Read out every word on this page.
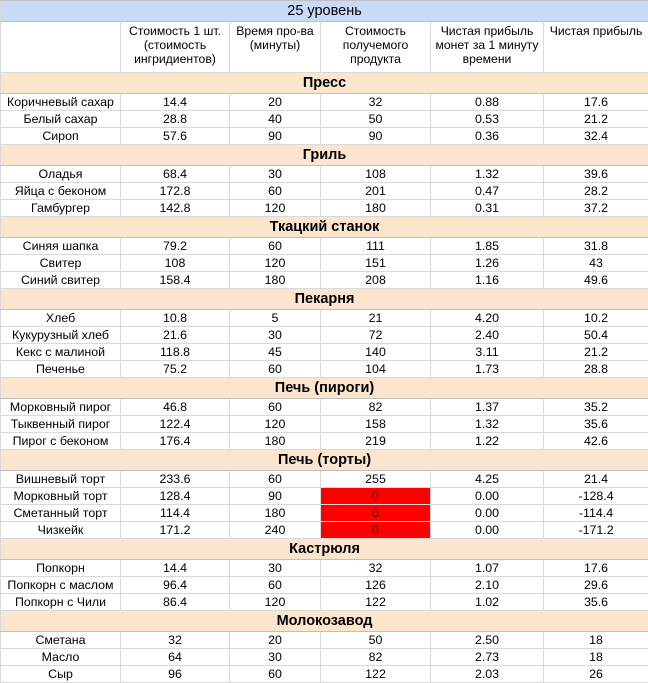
25 уровень					
	Стоимость 1 шт. (стоимость ингридиентов)	Время про-ва (минуты)	Стоимость получемого продукта	Чистая прибыль монет за 1 минуту времени	Чистая прибыль
Пресс					
Коричневый сахар	14.4	20	32	0.88	17.6
Белый сахар	28.8	40	50	0.53	21.2
Сироп	57.6	90	90	0.36	32.4
Гриль					
Оладья	68.4	30	108	1.32	39.6
Яйца с беконом	172.8	60	201	0.47	28.2
Гамбургер	142.8	120	180	0.31	37.2
Ткацкий станок					
Синяя шапка	79.2	60	111	1.85	31.8
Свитер	108	120	151	1.26	43
Синий свитер	158.4	180	208	1.16	49.6
Пекарня					
Хлеб	10.8	5	21	4.20	10.2
Кукурузный хлеб	21.6	30	72	2.40	50.4
Кекс с малиной	118.8	45	140	3.11	21.2
Печенье	75.2	60	104	1.73	28.8
Печь (пироги)					
Морковный пирог	46.8	60	82	1.37	35.2
Тыквенный пирог	122.4	120	158	1.32	35.6
Пирог с беконом	176.4	180	219	1.22	42.6
Печь (торты)					
Вишневый торт	233.6	60	255	4.25	21.4
Морковный торт	128.4	90	0	0.00	-128.4
Сметанный торт	114.4	180	0	0.00	-114.4
Чизкейк	171.2	240	0	0.00	-171.2
Кастрюля					
Попкорн	14.4	30	32	1.07	17.6
Попкорн с маслом	96.4	60	126	2.10	29.6
Попкорн с Чили	86.4	120	122	1.02	35.6
Молокозавод					
Сметана	32	20	50	2.50	18
Масло	64	30	82	2.73	18
Сыр	96	60	122	2.03	26
